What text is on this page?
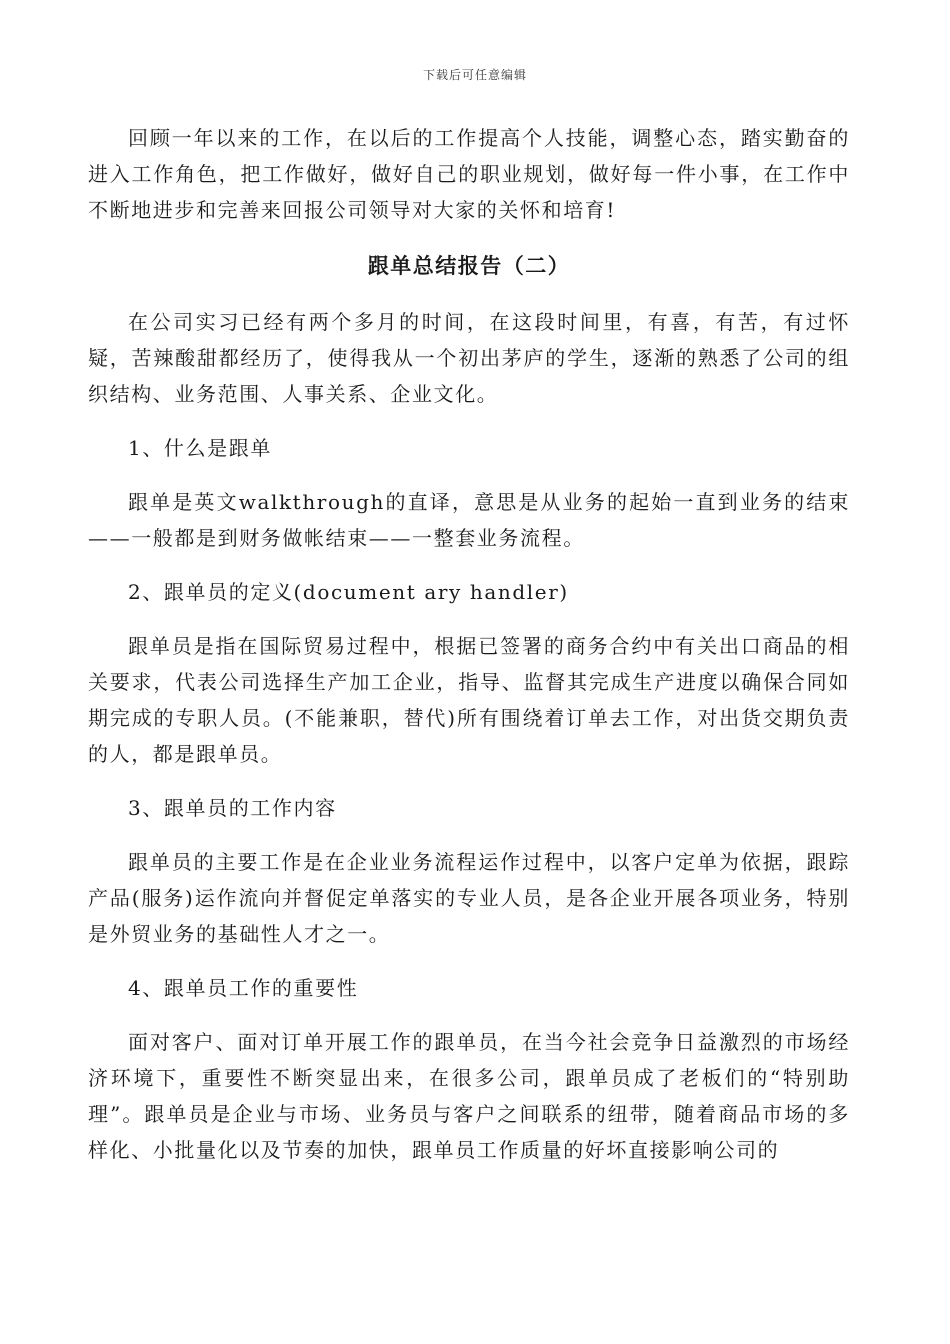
下载后可任意编辑

回顾一年以来的工作，在以后的工作提高个人技能，调整心态，踏实勤奋的进入工作角色，把工作做好，做好自己的职业规划，做好每一件小事，在工作中不断地进步和完善来回报公司领导对大家的关怀和培育!

跟单总结报告（二）

在公司实习已经有两个多月的时间，在这段时间里，有喜，有苦，有过怀疑，苦辣酸甜都经历了，使得我从一个初出茅庐的学生，逐渐的熟悉了公司的组织结构、业务范围、人事关系、企业文化。

1、什么是跟单

跟单是英文walkthrough的直译，意思是从业务的起始一直到业务的结束——一般都是到财务做帐结束——一整套业务流程。

2、跟单员的定义(document ary handler)

跟单员是指在国际贸易过程中，根据已签署的商务合约中有关出口商品的相关要求，代表公司选择生产加工企业，指导、监督其完成生产进度以确保合同如期完成的专职人员。(不能兼职，替代)所有围绕着订单去工作，对出货交期负责的人，都是跟单员。

3、跟单员的工作内容

跟单员的主要工作是在企业业务流程运作过程中，以客户定单为依据，跟踪产品(服务)运作流向并督促定单落实的专业人员，是各企业开展各项业务，特别是外贸业务的基础性人才之一。

4、跟单员工作的重要性

面对客户、面对订单开展工作的跟单员，在当今社会竞争日益激烈的市场经济环境下，重要性不断突显出来，在很多公司，跟单员成了老板们的“特别助理”。跟单员是企业与市场、业务员与客户之间联系的纽带，随着商品市场的多样化、小批量化以及节奏的加快，跟单员工作质量的好坏直接影响公司的
